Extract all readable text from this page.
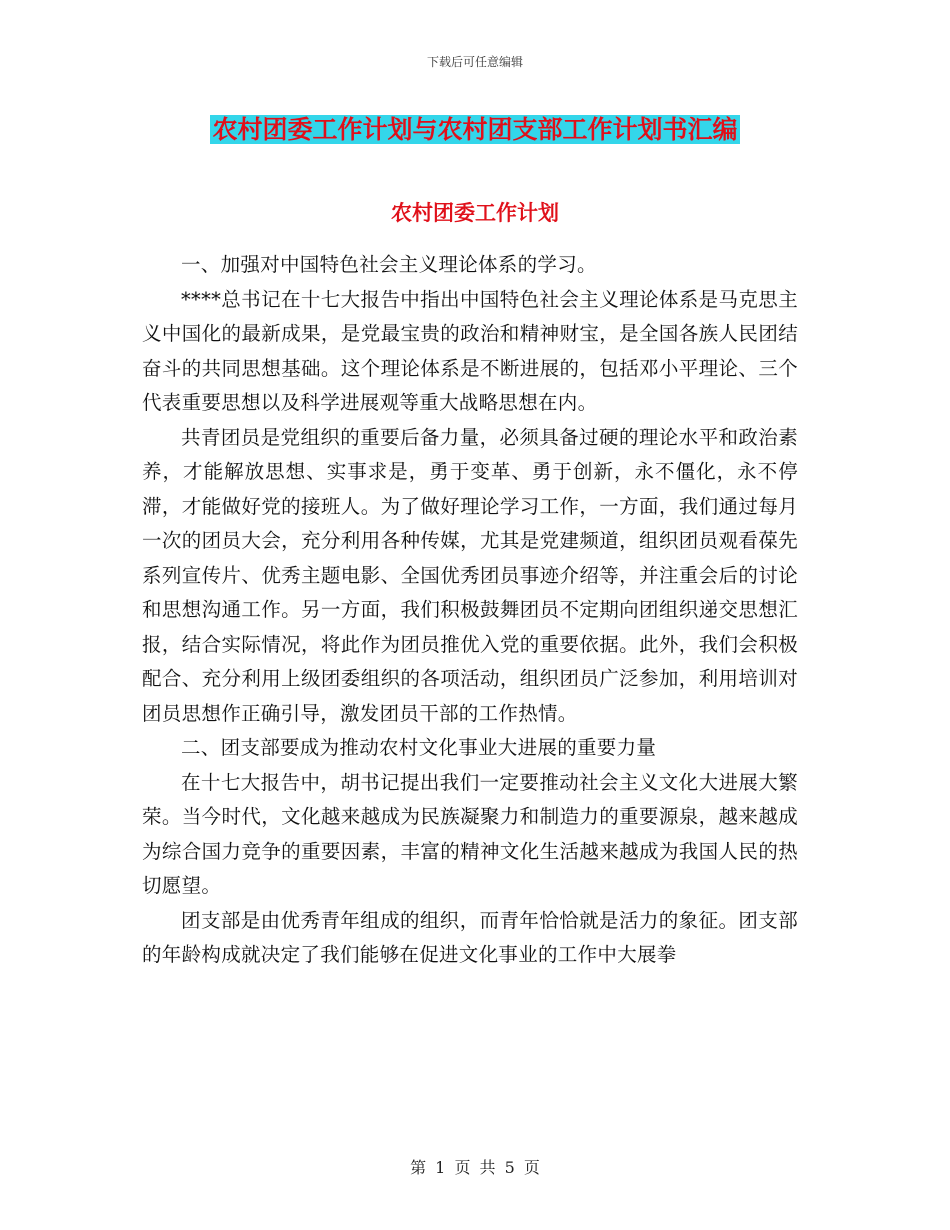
下载后可任意编辑
农村团委工作计划与农村团支部工作计划书汇编
农村团委工作计划

一、加强对中国特色社会主义理论体系的学习。

****总书记在十七大报告中指出中国特色社会主义理论体系是马克思主义中国化的最新成果，是党最宝贵的政治和精神财宝，是全国各族人民团结奋斗的共同思想基础。这个理论体系是不断进展的，包括邓小平理论、三个代表重要思想以及科学进展观等重大战略思想在内。

共青团员是党组织的重要后备力量，必须具备过硬的理论水平和政治素养，才能解放思想、实事求是，勇于变革、勇于创新，永不僵化，永不停滞，才能做好党的接班人。为了做好理论学习工作，一方面，我们通过每月一次的团员大会，充分利用各种传媒，尤其是党建频道，组织团员观看葆先系列宣传片、优秀主题电影、全国优秀团员事迹介绍等，并注重会后的讨论和思想沟通工作。另一方面，我们积极鼓舞团员不定期向团组织递交思想汇报，结合实际情况，将此作为团员推优入党的重要依据。此外，我们会积极配合、充分利用上级团委组织的各项活动，组织团员广泛参加，利用培训对团员思想作正确引导，激发团员干部的工作热情。

二、团支部要成为推动农村文化事业大进展的重要力量

在十七大报告中，胡书记提出我们一定要推动社会主义文化大进展大繁荣。当今时代，文化越来越成为民族凝聚力和制造力的重要源泉，越来越成为综合国力竞争的重要因素，丰富的精神文化生活越来越成为我国人民的热切愿望。

团支部是由优秀青年组成的组织，而青年恰恰就是活力的象征。团支部的年龄构成就决定了我们能够在促进文化事业的工作中大展拳

第 1 页 共 5 页
